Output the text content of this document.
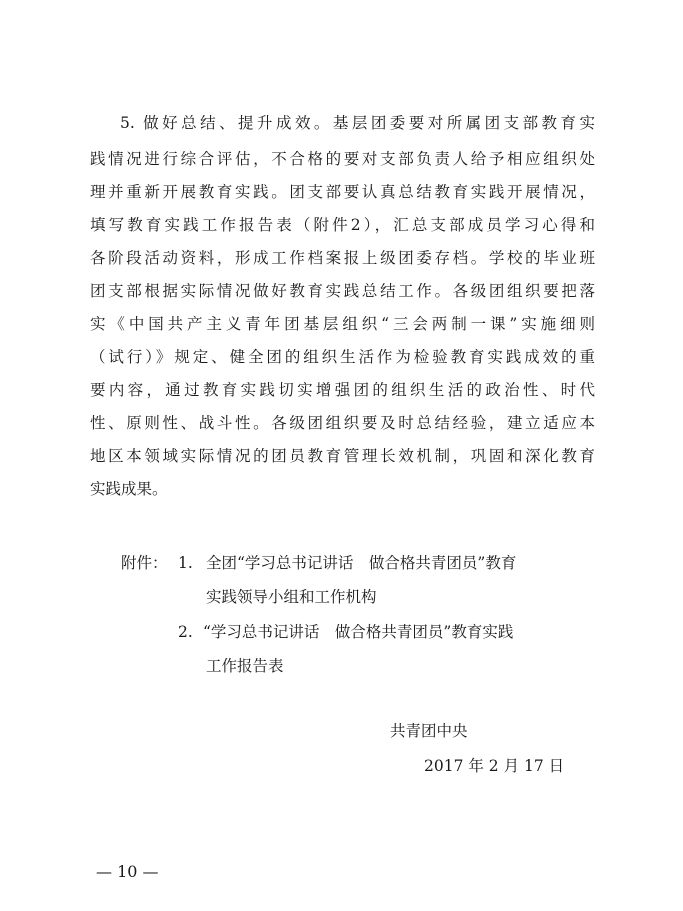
5. 做好总结、提升成效。基层团委要对所属团支部教育实
践情况进行综合评估，不合格的要对支部负责人给予相应组织处
理并重新开展教育实践。团支部要认真总结教育实践开展情况，
填写教育实践工作报告表（附件2），汇总支部成员学习心得和
各阶段活动资料，形成工作档案报上级团委存档。学校的毕业班
团支部根据实际情况做好教育实践总结工作。各级团组织要把落
实《中国共产主义青年团基层组织“三会两制一课”实施细则
（试行）》规定、健全团的组织生活作为检验教育实践成效的重
要内容，通过教育实践切实增强团的组织生活的政治性、时代
性、原则性、战斗性。各级团组织要及时总结经验，建立适应本
地区本领域实际情况的团员教育管理长效机制，巩固和深化教育
实践成果。
附件： 1. 全团“学习总书记讲话　做合格共青团员”教育
实践领导小组和工作机构
2. “学习总书记讲话　做合格共青团员”教育实践
工作报告表
共青团中央
2017 年 2 月 17 日
— 10 —
